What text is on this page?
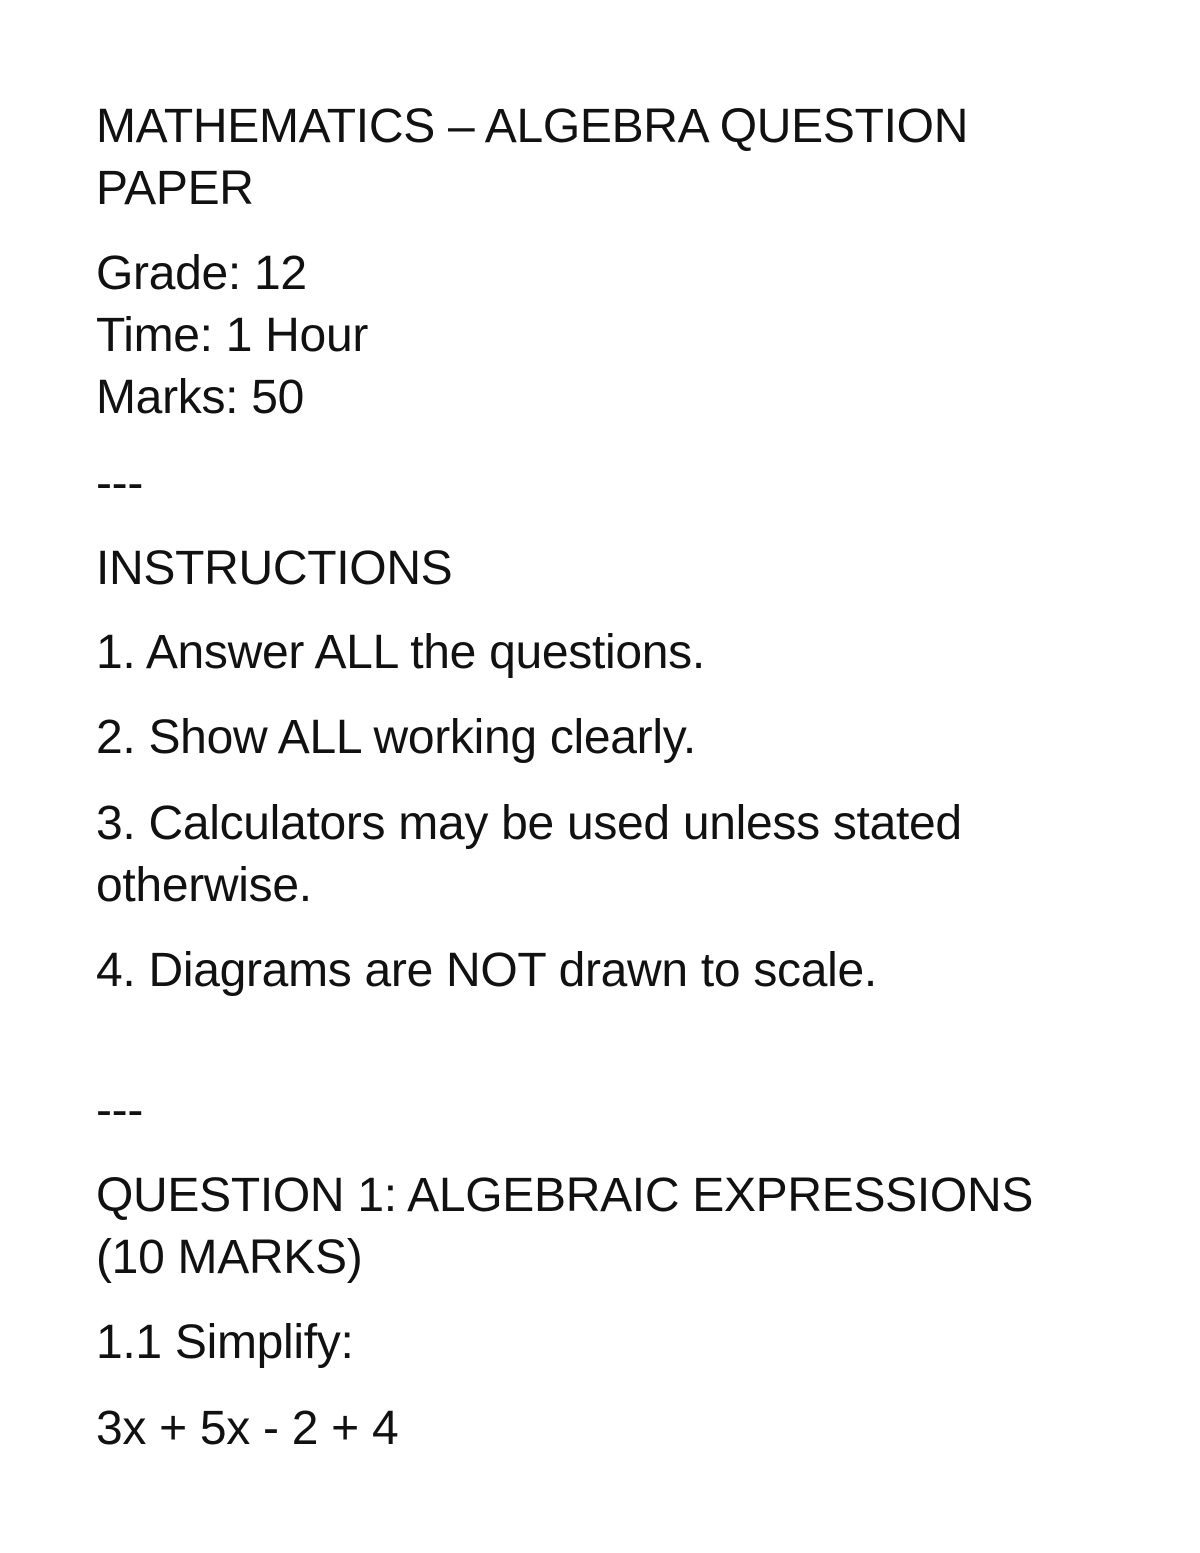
MATHEMATICS – ALGEBRA QUESTION
PAPER
Grade: 12
Time: 1 Hour
Marks: 50
---
INSTRUCTIONS
1. Answer ALL the questions.
2. Show ALL working clearly.
3. Calculators may be used unless stated
otherwise.
4. Diagrams are NOT drawn to scale.
---
QUESTION 1: ALGEBRAIC EXPRESSIONS
(10 MARKS)
1.1 Simplify:
3x + 5x - 2 + 4
